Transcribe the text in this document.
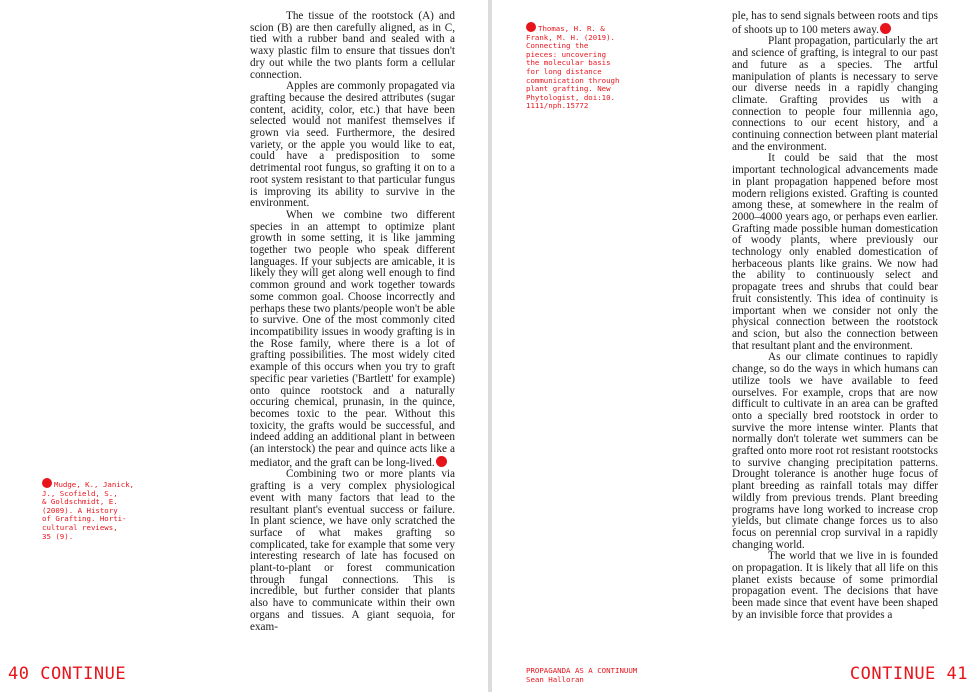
The tissue of the rootstock (A) and scion (B) are then carefully aligned, as in C, tied with a rubber band and sealed with a waxy plastic film to ensure that tissues don't dry out while the two plants form a cellular connection.

Apples are commonly propagated via grafting because the desired attributes (sugar content, acidity, color, etc.) that have been selected would not manifest themselves if grown via seed. Furthermore, the desired variety, or the apple you would like to eat, could have a predisposition to some detrimental root fungus, so grafting it on to a root system resistant to that particular fungus is improving its ability to survive in the environment.

When we combine two different species in an attempt to optimize plant growth in some setting, it is like jamming together two people who speak different languages. If your subjects are amicable, it is likely they will get along well enough to find common ground and work together towards some common goal. Choose incorrectly and perhaps these two plants/people won't be able to survive. One of the most commonly cited incompatibility issues in woody grafting is in the Rose family, where there is a lot of grafting possibilities. The most widely cited example of this occurs when you try to graft specific pear varieties ('Bartlett' for example) onto quince rootstock and a naturally occuring chemical, prunasin, in the quince, becomes toxic to the pear. Without this toxicity, the grafts would be successful, and indeed adding an additional plant in between (an interstock) the pear and quince acts like a mediator, and the graft can be long-lived.

Combining two or more plants via grafting is a very complex physiological event with many factors that lead to the resultant plant's eventual success or failure. In plant science, we have only scratched the surface of what makes grafting so complicated, take for example that some very interesting research of late has focused on plant-to-plant or forest communication through fungal connections. This is incredible, but further consider that plants also have to communicate within their own organs and tissues. A giant sequoia, for exam-

Mudge, K., Janick,
J., Scofield, S.,
& Goldschmidt, E.
(2009). A History
of Grafting. Horti-
cultural reviews,
35 (9).
40 CONTINUE
Thomas, H. R. &
Frank, M. H. (2019).
Connecting the
pieces: uncovering
the molecular basis
for long distance
communication through
plant grafting. New
Phytologist, doi:10.
1111/nph.15772

ple, has to send signals between roots and tips of shoots up to 100 meters away.

Plant propagation, particularly the art and science of grafting, is integral to our past and future as a species. The artful manipulation of plants is necessary to serve our diverse needs in a rapidly changing climate. Grafting provides us with a connection to people four millennia ago, connections to our ecent history, and a continuing connection between plant material and the environment.

It could be said that the most important technological advancements made in plant propagation happened before most modern religions existed. Grafting is counted among these, at somewhere in the realm of 2000–4000 years ago, or perhaps even earlier. Grafting made possible human domestication of woody plants, where previously our technology only enabled domestication of herbaceous plants like grains. We now had the ability to continuously select and propagate trees and shrubs that could bear fruit consistently. This idea of continuity is important when we consider not only the physical connection between the rootstock and scion, but also the connection between that resultant plant and the environment.

As our climate continues to rapidly change, so do the ways in which humans can utilize tools we have available to feed ourselves. For example, crops that are now difficult to cultivate in an area can be grafted onto a specially bred rootstock in order to survive the more intense winter. Plants that normally don't tolerate wet summers can be grafted onto more root rot resistant rootstocks to survive changing precipitation patterns. Drought tolerance is another huge focus of plant breeding as rainfall totals may differ wildly from previous trends. Plant breeding programs have long worked to increase crop yields, but climate change forces us to also focus on perennial crop survival in a rapidly changing world.

The world that we live in is founded on propagation. It is likely that all life on this planet exists because of some primordial propagation event. The decisions that have been made since that event have been shaped by an invisible force that provides a

PROPAGANDA AS A CONTINUUM
Sean Halloran	CONTINUE 41
